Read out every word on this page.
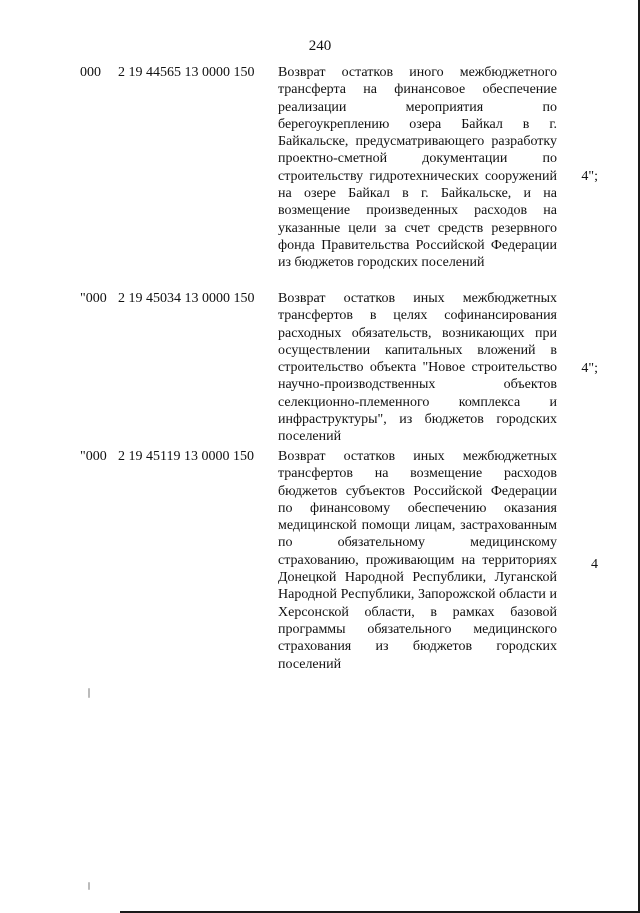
240
000 2 19 44565 13 0000 150 Возврат остатков иного межбюджетного трансферта на финансовое обеспечение реализации мероприятия по берегоукреплению озера Байкал в г. Байкальске, предусматривающего разработку проектно-сметной документации по строительству гидротехнических сооружений на озере Байкал в г. Байкальске, и на возмещение произведенных расходов на указанные цели за счет средств резервного фонда Правительства Российской Федерации из бюджетов городских поселений
4";
"000 2 19 45034 13 0000 150 Возврат остатков иных межбюджетных трансфертов в целях софинансирования расходных обязательств, возникающих при осуществлении капитальных вложений в строительство объекта "Новое строительство научно-производственных объектов селекционно-племенного комплекса и инфраструктуры", из бюджетов городских поселений
4";
"000 2 19 45119 13 0000 150 Возврат остатков иных межбюджетных трансфертов на возмещение расходов бюджетов субъектов Российской Федерации по финансовому обеспечению оказания медицинской помощи лицам, застрахованным по обязательному медицинскому страхованию, проживающим на территориях Донецкой Народной Республики, Луганской Народной Республики, Запорожской области и Херсонской области, в рамках базовой программы обязательного медицинского страхования из бюджетов городских поселений
4
